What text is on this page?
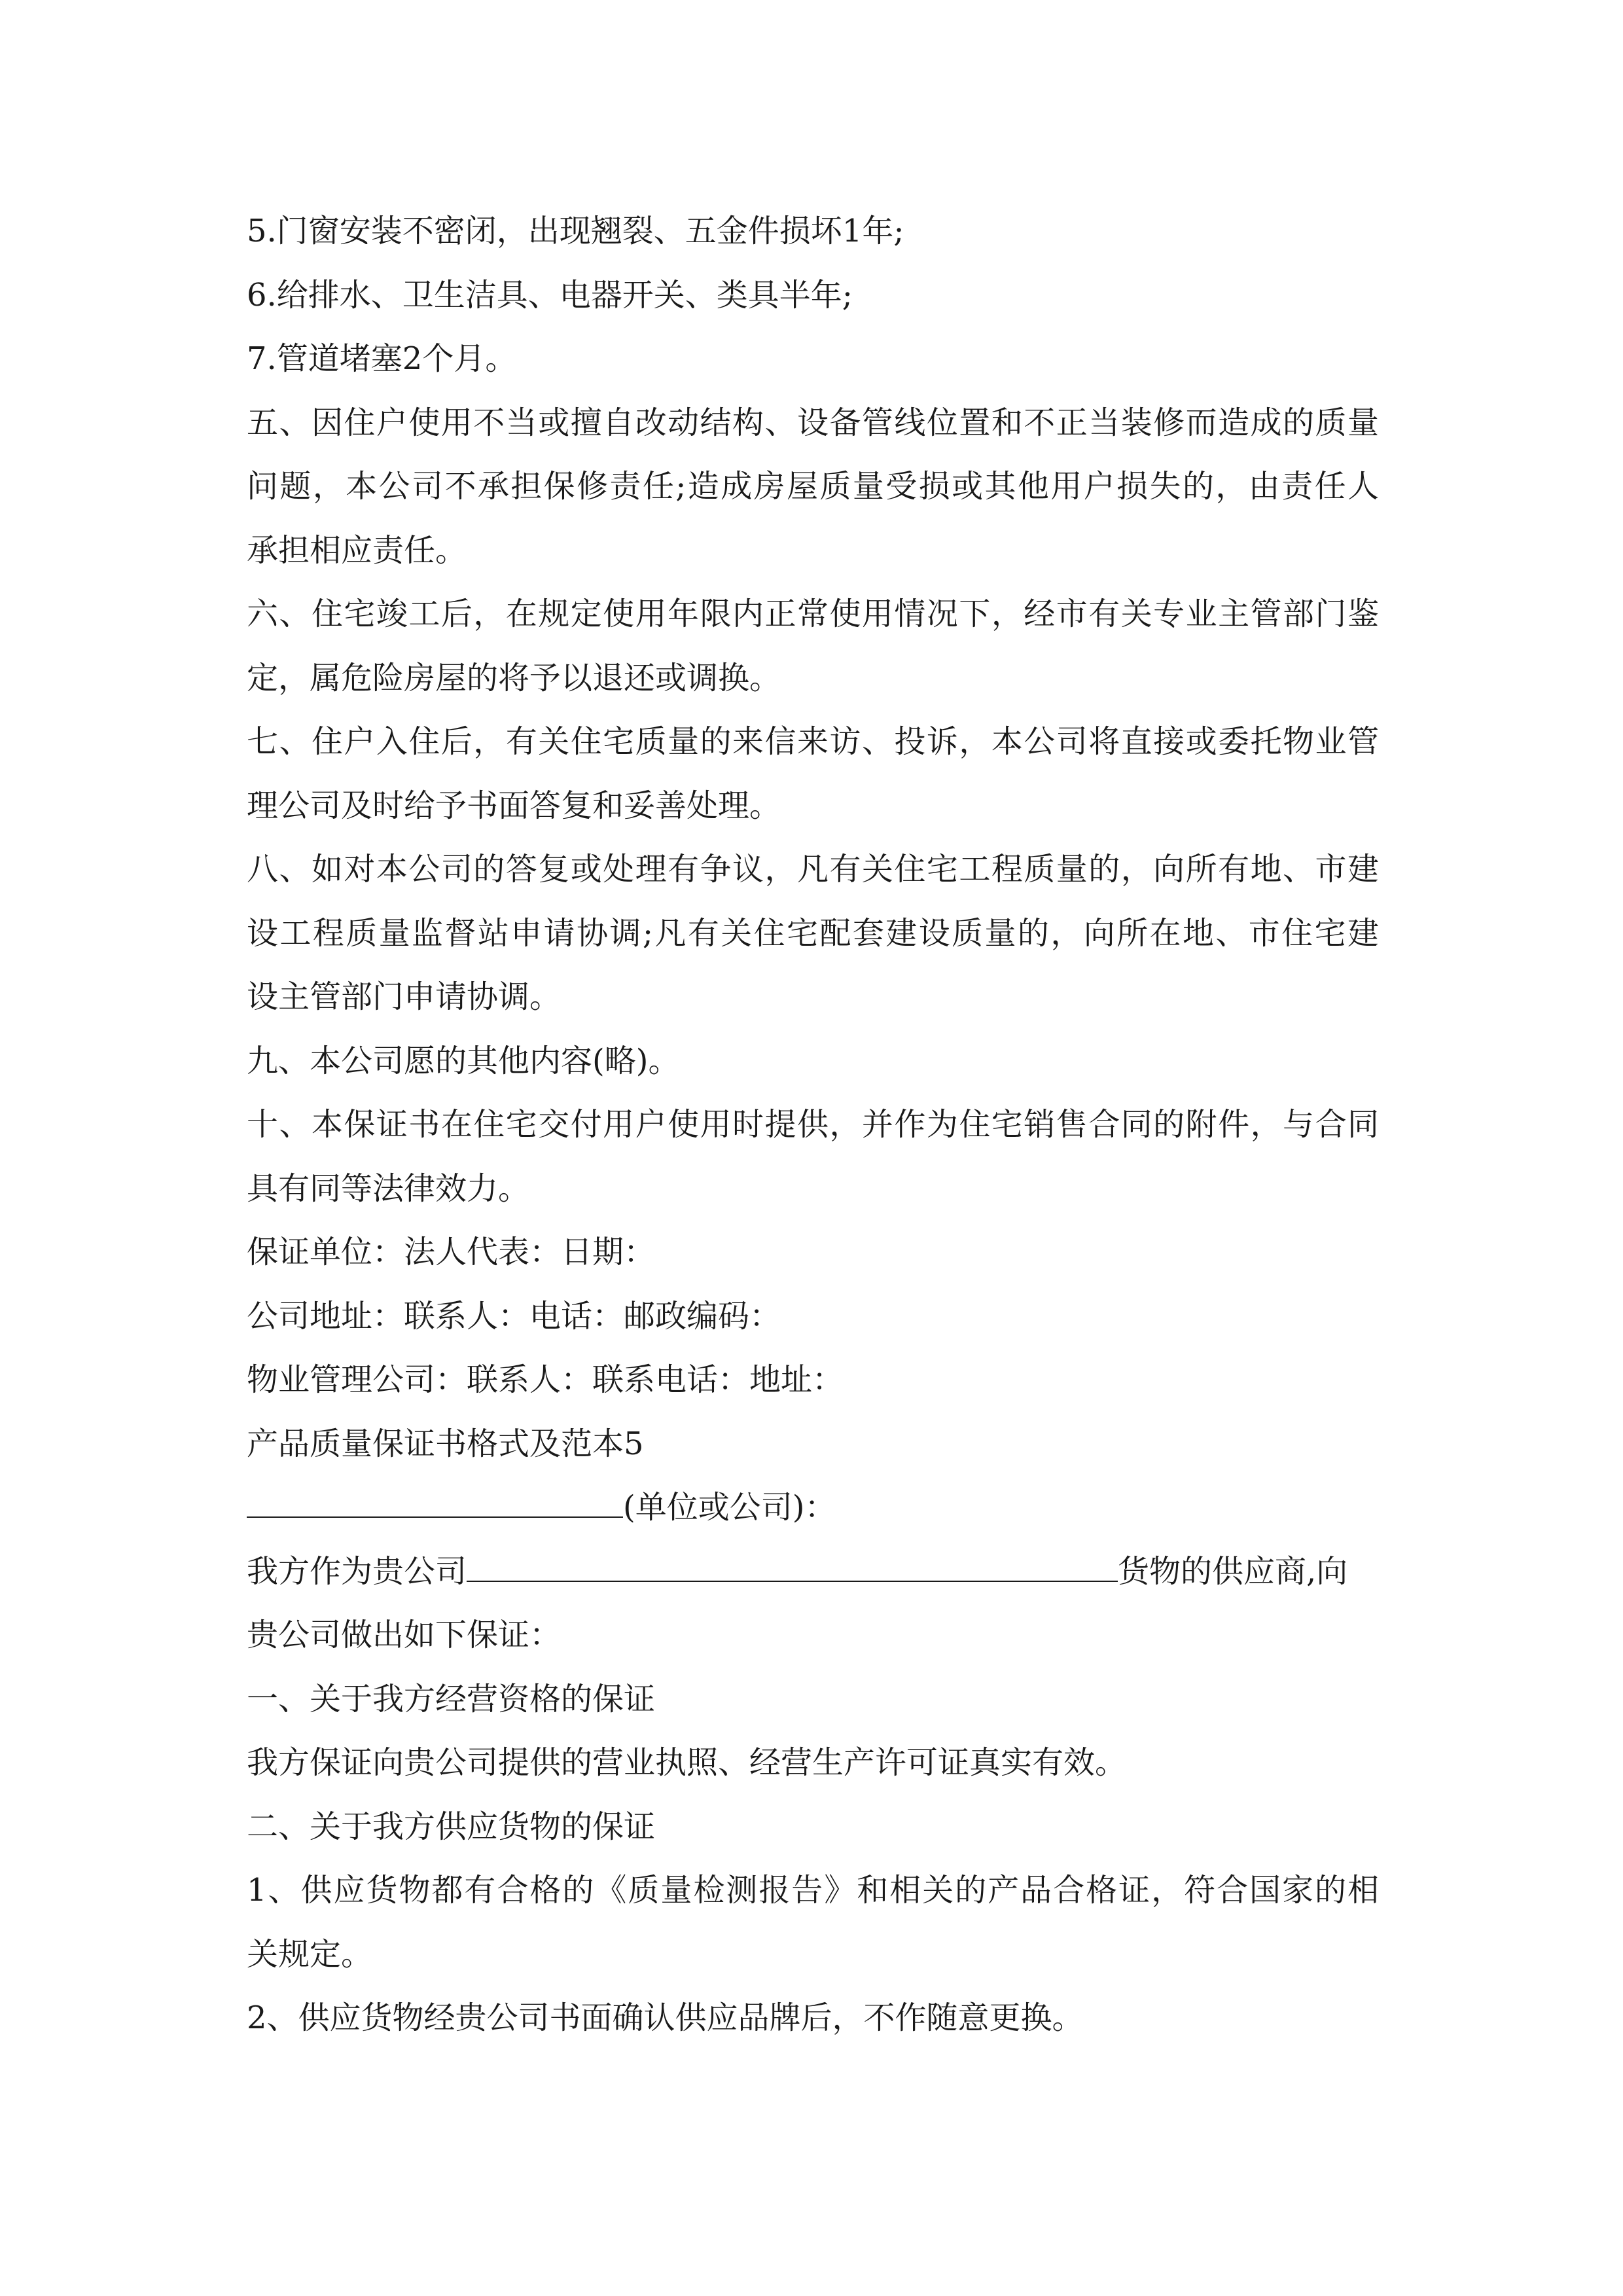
5.门窗安装不密闭，出现翘裂、五金件损坏1年;
6.给排水、卫生洁具、电器开关、类具半年;
7.管道堵塞2个月。
五、因住户使用不当或擅自改动结构、设备管线位置和不正当装修而造成的质量
问题，本公司不承担保修责任;造成房屋质量受损或其他用户损失的，由责任人
承担相应责任。
六、住宅竣工后，在规定使用年限内正常使用情况下，经市有关专业主管部门鉴
定，属危险房屋的将予以退还或调换。
七、住户入住后，有关住宅质量的来信来访、投诉，本公司将直接或委托物业管
理公司及时给予书面答复和妥善处理。
八、如对本公司的答复或处理有争议，凡有关住宅工程质量的，向所有地、市建
设工程质量监督站申请协调;凡有关住宅配套建设质量的，向所在地、市住宅建
设主管部门申请协调。
九、本公司愿的其他内容(略)。
十、本保证书在住宅交付用户使用时提供，并作为住宅销售合同的附件，与合同
具有同等法律效力。
保证单位：法人代表：日期：
公司地址：联系人：电话：邮政编码：
物业管理公司：联系人：联系电话：地址：
产品质量保证书格式及范本5
(单位或公司)：
我方作为贵公司	货物的供应商,向
贵公司做出如下保证：
一、关于我方经营资格的保证
我方保证向贵公司提供的营业执照、经营生产许可证真实有效。
二、关于我方供应货物的保证
1、供应货物都有合格的《质量检测报告》和相关的产品合格证，符合国家的相
关规定。
2、供应货物经贵公司书面确认供应品牌后，不作随意更换。
